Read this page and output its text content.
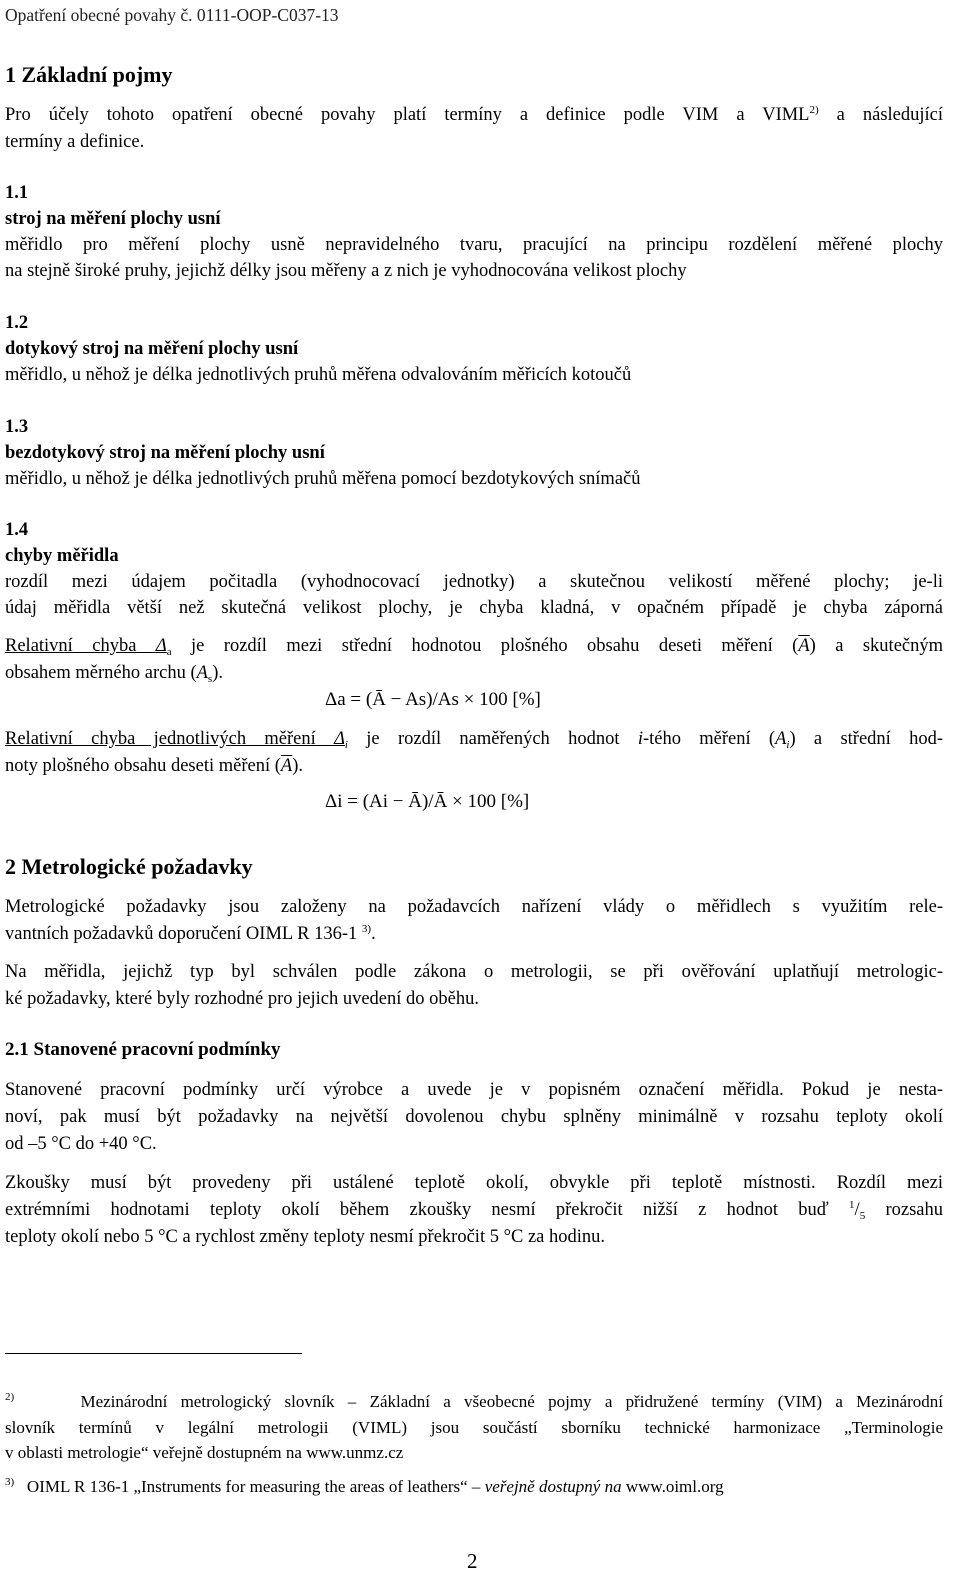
Opatření obecné povahy č. 0111-OOP-C037-13
1 Základní pojmy
Pro účely tohoto opatření obecné povahy platí termíny a definice podle VIM a VIML$^{2)}$ a následující
termíny a definice.
1.1
stroj na měření plochy usní
měřidlo pro měření plochy usně nepravidelného tvaru, pracující na principu rozdělení měřené plochy
na stejně široké pruhy, jejichž délky jsou měřeny a z nich je vyhodnocována velikost plochy
1.2
dotykový stroj na měření plochy usní
měřidlo, u něhož je délka jednotlivých pruhů měřena odvalováním měřicích kotoučů
1.3
bezdotykový stroj na měření plochy usní
měřidlo, u něhož je délka jednotlivých pruhů měřena pomocí bezdotykových snímačů
1.4
chyby měřidla
rozdíl mezi údajem počitadla (vyhodnocovací jednotky) a skutečnou velikostí měřené plochy; je-li
údaj měřidla větší než skutečná velikost plochy, je chyba kladná, v opačném případě je chyba záporná
Relativní chyba $\Delta_a$ je rozdíl mezi střední hodnotou plošného obsahu deseti měření $(\overline{A})$ a skutečným
obsahem měrného archu $(A_s)$.
Δa = (Ā − As)/As × 100 [%]
Relativní chyba jednotlivých měření $\Delta_i$ je rozdíl naměřených hodnot i-tého měření $(A_i)$ a střední hod-
noty plošného obsahu deseti měření $(\overline{A})$.
Δi = (Ai − Ā)/Ā × 100 [%]
2 Metrologické požadavky
Metrologické požadavky jsou založeny na požadavcích nařízení vlády o měřidlech s využitím rele-
vantních požadavků doporučení OIML R 136-1 $^{3)}$.
Na měřidla, jejichž typ byl schválen podle zákona o metrologii, se při ověřování uplatňují metrologic-
ké požadavky, které byly rozhodné pro jejich uvedení do oběhu.
2.1 Stanovené pracovní podmínky
Stanovené pracovní podmínky určí výrobce a uvede je v popisném označení měřidla. Pokud je nesta-
noví, pak musí být požadavky na největší dovolenou chybu splněny minimálně v rozsahu teploty okolí
od –5 °C do +40 °C.
Zkoušky musí být provedeny při ustálené teplotě okolí, obvykle při teplotě místnosti. Rozdíl mezi
extrémními hodnotami teploty okolí během zkoušky nesmí překročit nižší z hodnot buď $^1/_5$ rozsahu
teploty okolí nebo 5 °C a rychlost změny teploty nesmí překročit 5 °C za hodinu.
$^{2)}$	Mezinárodní metrologický slovník – Základní a všeobecné pojmy a přidružené termíny (VIM) a Mezinárodní
slovník termínů v legální metrologii (VIML) jsou součástí sborníku technické harmonizace „Terminologie
v oblasti metrologie“ veřejně dostupném na www.unmz.cz
$^{3)}$ OIML R 136-1 „Instruments for measuring the areas of leathers“ – veřejně dostupný na www.oiml.org
2
